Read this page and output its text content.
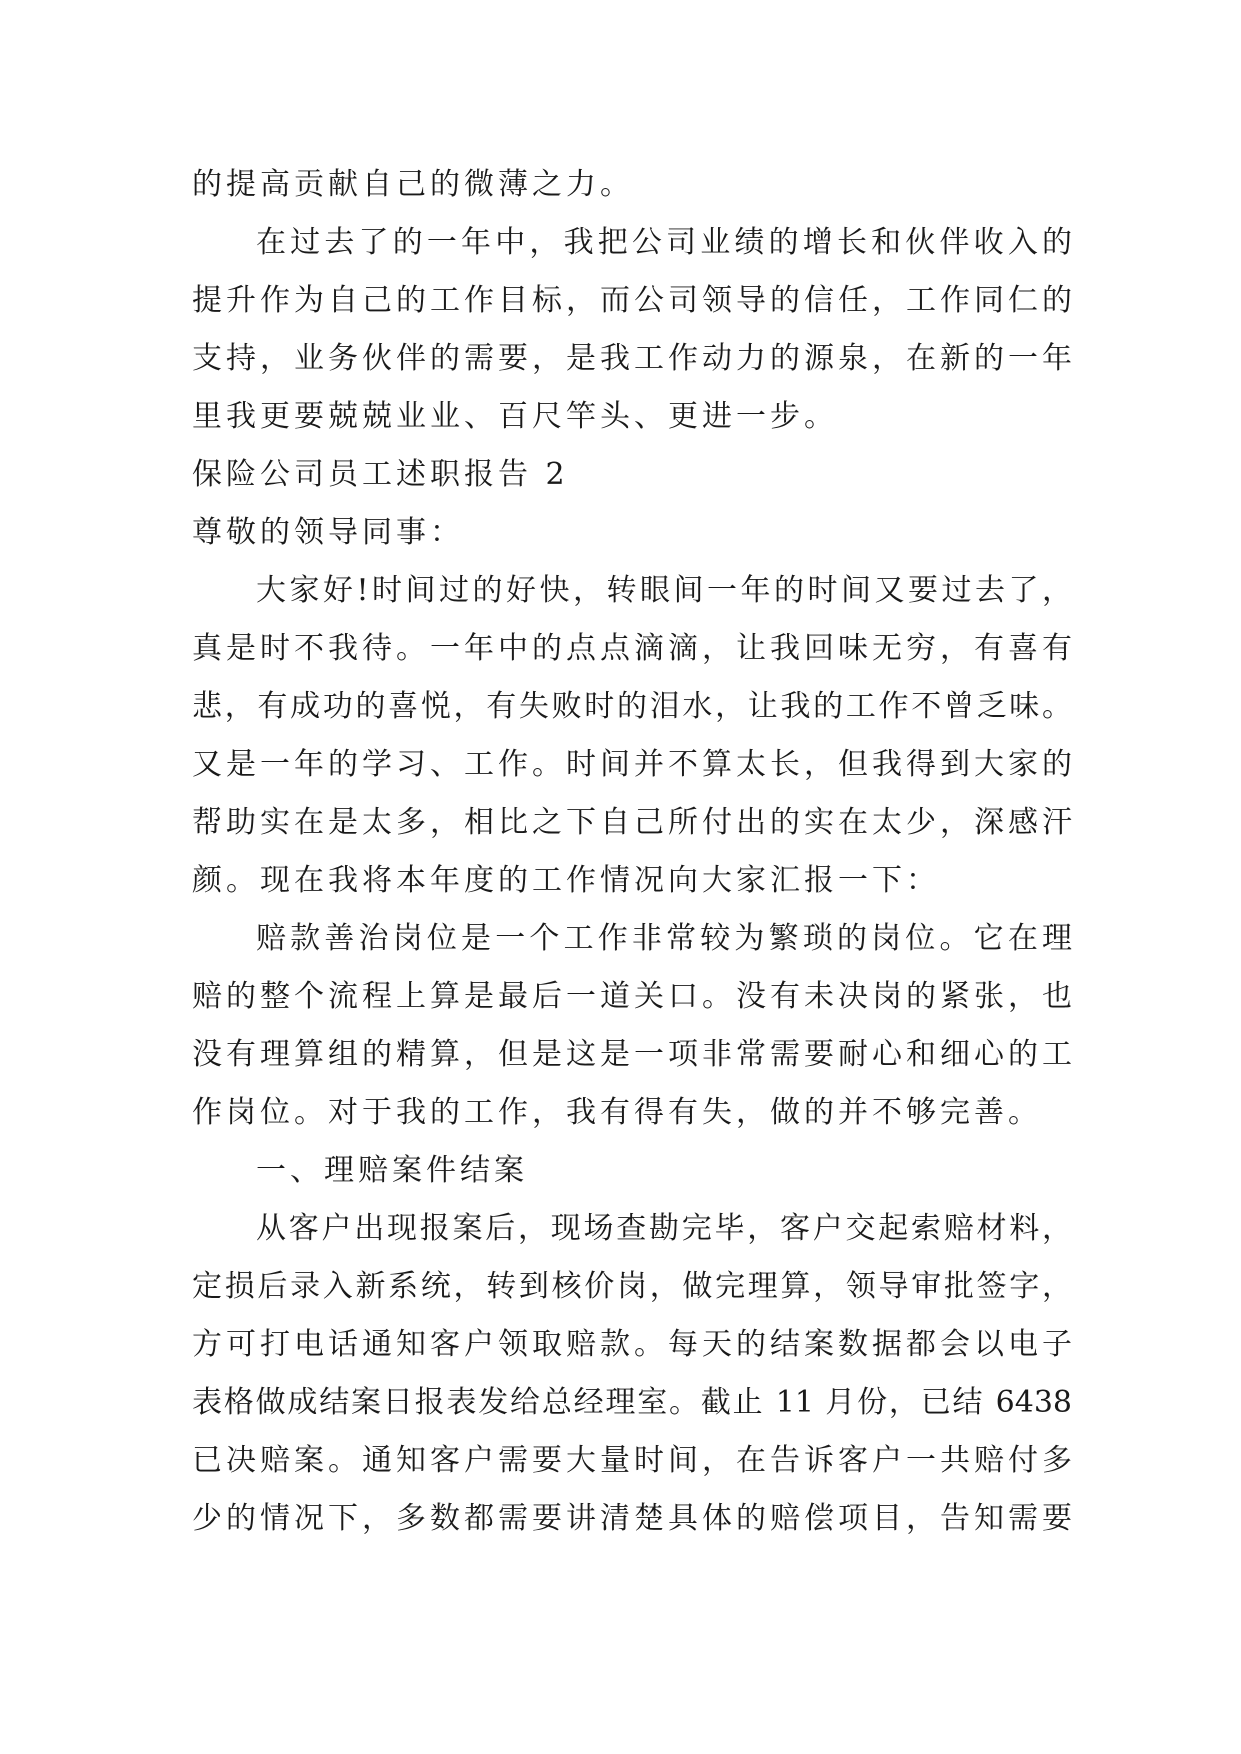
的提高贡献自己的微薄之力。
在过去了的一年中，我把公司业绩的增长和伙伴收入的
提升作为自己的工作目标，而公司领导的信任，工作同仁的
支持，业务伙伴的需要，是我工作动力的源泉，在新的一年
里我更要兢兢业业、百尺竿头、更进一步。
保险公司员工述职报告 2
尊敬的领导同事：
大家好!时间过的好快，转眼间一年的时间又要过去了，
真是时不我待。一年中的点点滴滴，让我回味无穷，有喜有
悲，有成功的喜悦，有失败时的泪水，让我的工作不曾乏味。
又是一年的学习、工作。时间并不算太长，但我得到大家的
帮助实在是太多，相比之下自己所付出的实在太少，深感汗
颜。现在我将本年度的工作情况向大家汇报一下：
赔款善治岗位是一个工作非常较为繁琐的岗位。它在理
赔的整个流程上算是最后一道关口。没有未决岗的紧张，也
没有理算组的精算，但是这是一项非常需要耐心和细心的工
作岗位。对于我的工作，我有得有失，做的并不够完善。
一、理赔案件结案
从客户出现报案后，现场查勘完毕，客户交起索赔材料，
定损后录入新系统，转到核价岗，做完理算，领导审批签字，
方可打电话通知客户领取赔款。每天的结案数据都会以电子
表格做成结案日报表发给总经理室。截止 11 月份，已结 6438
已决赔案。通知客户需要大量时间，在告诉客户一共赔付多
少的情况下，多数都需要讲清楚具体的赔偿项目，告知需要
